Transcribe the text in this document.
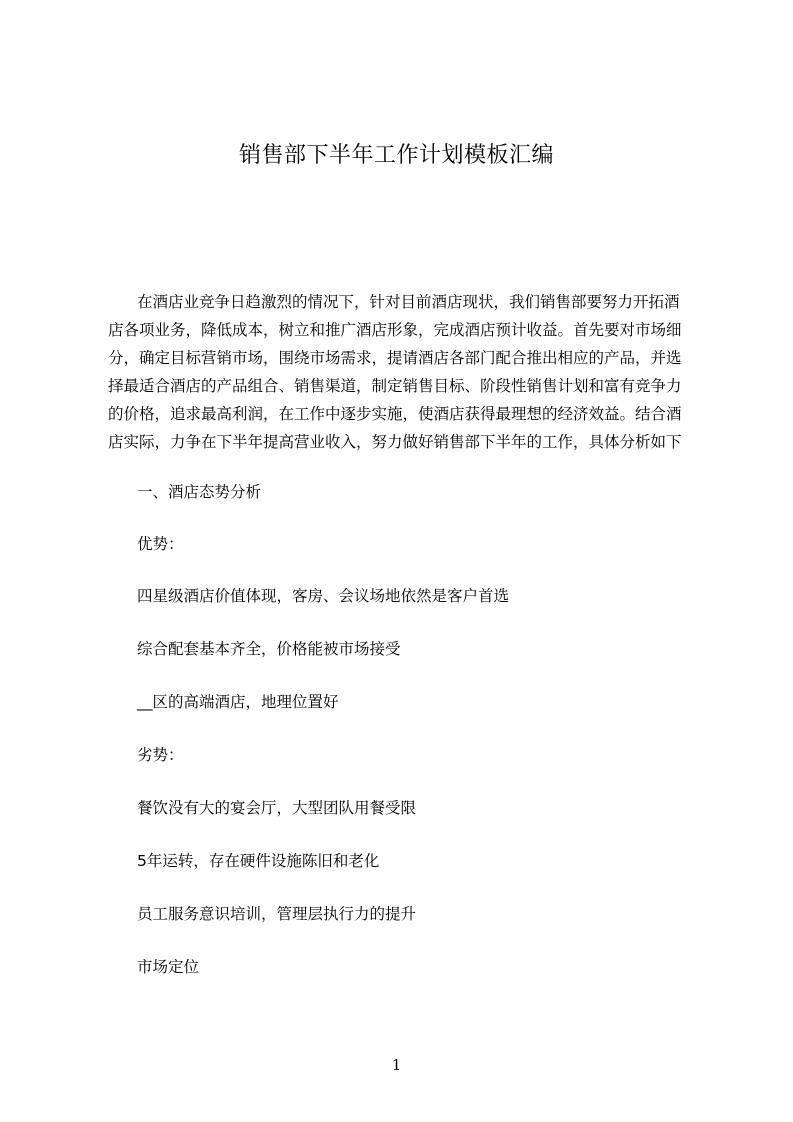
销售部下半年工作计划模板汇编
在酒店业竞争日趋激烈的情况下，针对目前酒店现状，我们销售部要努力开拓酒
店各项业务，降低成本，树立和推广酒店形象，完成酒店预计收益。首先要对市场细
分，确定目标营销市场，围绕市场需求，提请酒店各部门配合推出相应的产品，并选
择最适合酒店的产品组合、销售渠道，制定销售目标、阶段性销售计划和富有竞争力
的价格，追求最高利润，在工作中逐步实施，使酒店获得最理想的经济效益。结合酒
店实际，力争在下半年提高营业收入，努力做好销售部下半年的工作，具体分析如下
一、酒店态势分析
优势：
四星级酒店价值体现，客房、会议场地依然是客户首选
综合配套基本齐全，价格能被市场接受
__区的高端酒店，地理位置好
劣势：
餐饮没有大的宴会厅，大型团队用餐受限
5年运转，存在硬件设施陈旧和老化
员工服务意识培训，管理层执行力的提升
市场定位
1
